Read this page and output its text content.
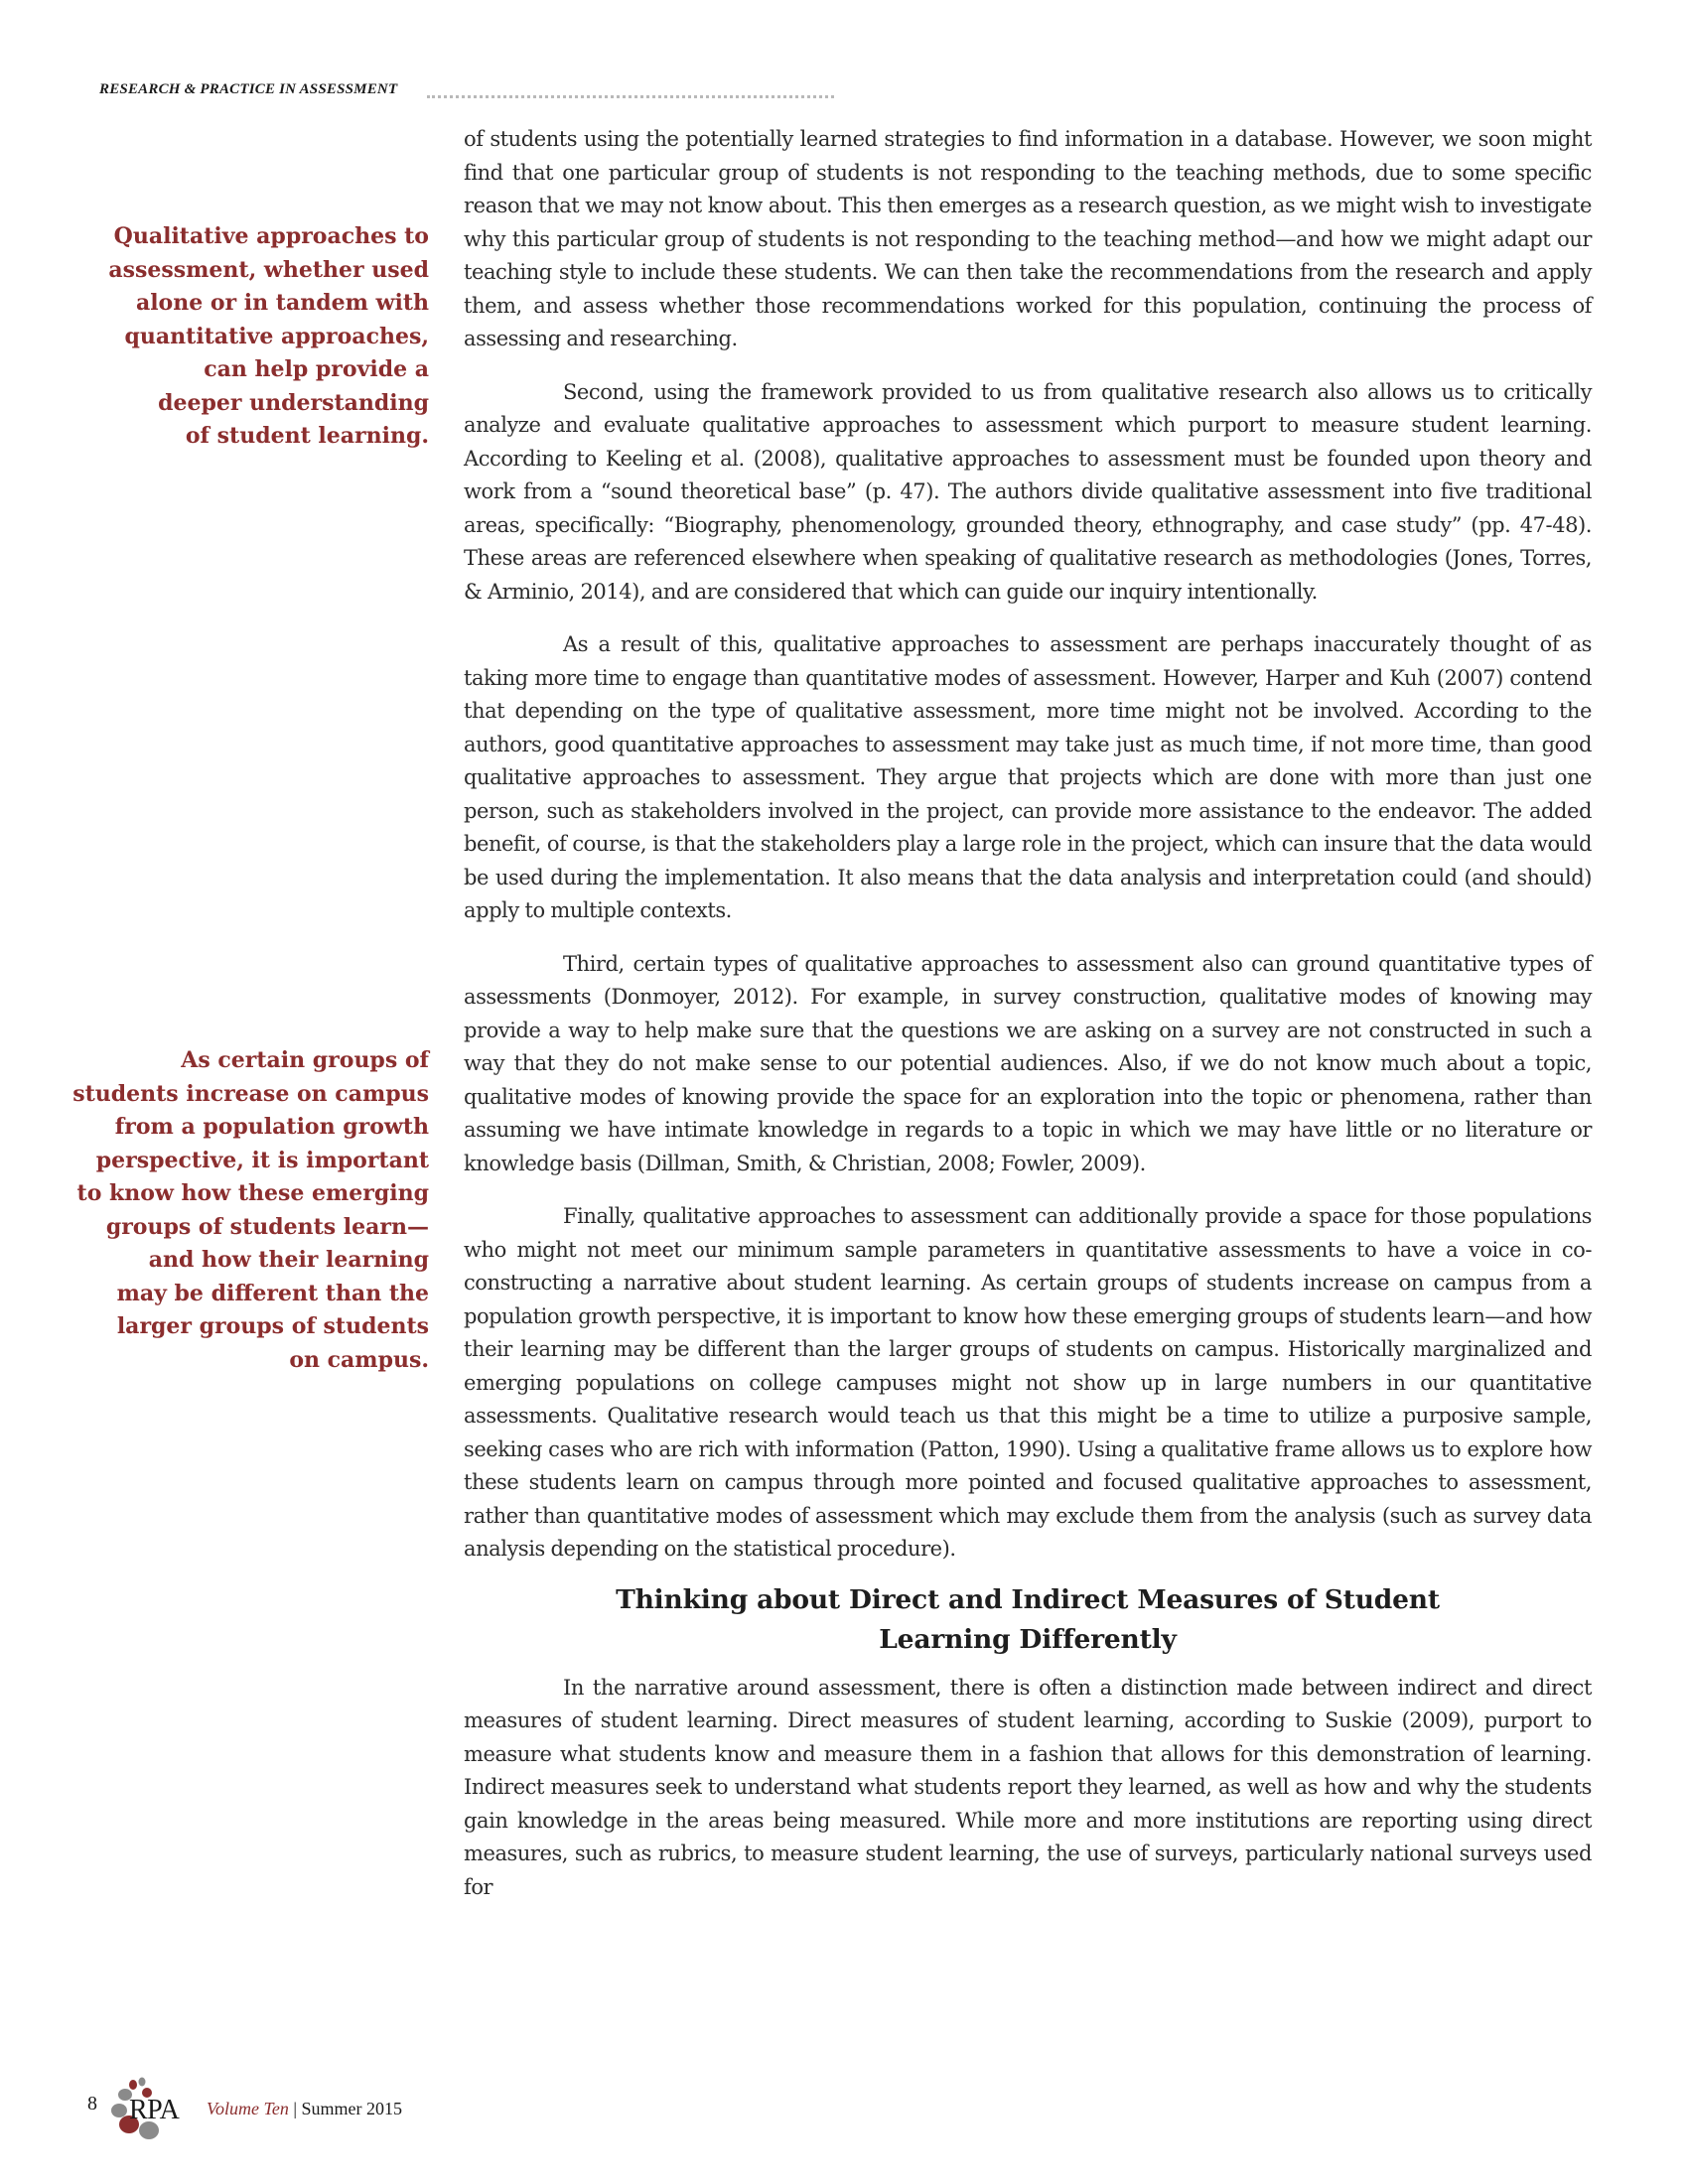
RESEARCH & PRACTICE IN ASSESSMENT
Qualitative approaches to
assessment, whether used
alone or in tandem with
quantitative approaches,
can help provide a
deeper understanding
of student learning.
As certain groups of
students increase on campus
from a population growth
perspective, it is important
to know how these emerging
groups of students learn—
and how their learning
may be different than the
larger groups of students
on campus.

of students using the potentially learned strategies to find information in a database. However, we soon might find that one particular group of students is not responding to the teaching methods, due to some specific reason that we may not know about. This then emerges as a research question, as we might wish to investigate why this particular group of students is not responding to the teaching method—and how we might adapt our teaching style to include these students. We can then take the recommendations from the research and apply them, and assess whether those recommendations worked for this population, continuing the process of assessing and researching.

Second, using the framework provided to us from qualitative research also allows us to critically analyze and evaluate qualitative approaches to assessment which purport to measure student learning. According to Keeling et al. (2008), qualitative approaches to assessment must be founded upon theory and work from a “sound theoretical base” (p. 47). The authors divide qualitative assessment into five traditional areas, specifically: “Biography, phenomenology, grounded theory, ethnography, and case study” (pp. 47-48). These areas are referenced elsewhere when speaking of qualitative research as methodologies (Jones, Torres, & Arminio, 2014), and are considered that which can guide our inquiry intentionally.

As a result of this, qualitative approaches to assessment are perhaps inaccurately thought of as taking more time to engage than quantitative modes of assessment. However, Harper and Kuh (2007) contend that depending on the type of qualitative assessment, more time might not be involved. According to the authors, good quantitative approaches to assessment may take just as much time, if not more time, than good qualitative approaches to assessment. They argue that projects which are done with more than just one person, such as stakeholders involved in the project, can provide more assistance to the endeavor. The added benefit, of course, is that the stakeholders play a large role in the project, which can insure that the data would be used during the implementation. It also means that the data analysis and interpretation could (and should) apply to multiple contexts.

Third, certain types of qualitative approaches to assessment also can ground quantitative types of assessments (Donmoyer, 2012). For example, in survey construction, qualitative modes of knowing may provide a way to help make sure that the questions we are asking on a survey are not constructed in such a way that they do not make sense to our potential audiences. Also, if we do not know much about a topic, qualitative modes of knowing provide the space for an exploration into the topic or phenomena, rather than assuming we have intimate knowledge in regards to a topic in which we may have little or no literature or knowledge basis (Dillman, Smith, & Christian, 2008; Fowler, 2009).

Finally, qualitative approaches to assessment can additionally provide a space for those populations who might not meet our minimum sample parameters in quantitative assessments to have a voice in co-constructing a narrative about student learning. As certain groups of students increase on campus from a population growth perspective, it is important to know how these emerging groups of students learn—and how their learning may be different than the larger groups of students on campus. Historically marginalized and emerging populations on college campuses might not show up in large numbers in our quantitative assessments. Qualitative research would teach us that this might be a time to utilize a purposive sample, seeking cases who are rich with information (Patton, 1990). Using a qualitative frame allows us to explore how these students learn on campus through more pointed and focused qualitative approaches to assessment, rather than quantitative modes of assessment which may exclude them from the analysis (such as survey data analysis depending on the statistical procedure).

Thinking about Direct and Indirect Measures of Student
Learning Differently

In the narrative around assessment, there is often a distinction made between indirect and direct measures of student learning. Direct measures of student learning, according to Suskie (2009), purport to measure what students know and measure them in a fashion that allows for this demonstration of learning. Indirect measures seek to understand what students report they learned, as well as how and why the students gain knowledge in the areas being measured. While more and more institutions are reporting using direct measures, such as rubrics, to measure student learning, the use of surveys, particularly national surveys used for

8 RPA Volume Ten | Summer 2015
